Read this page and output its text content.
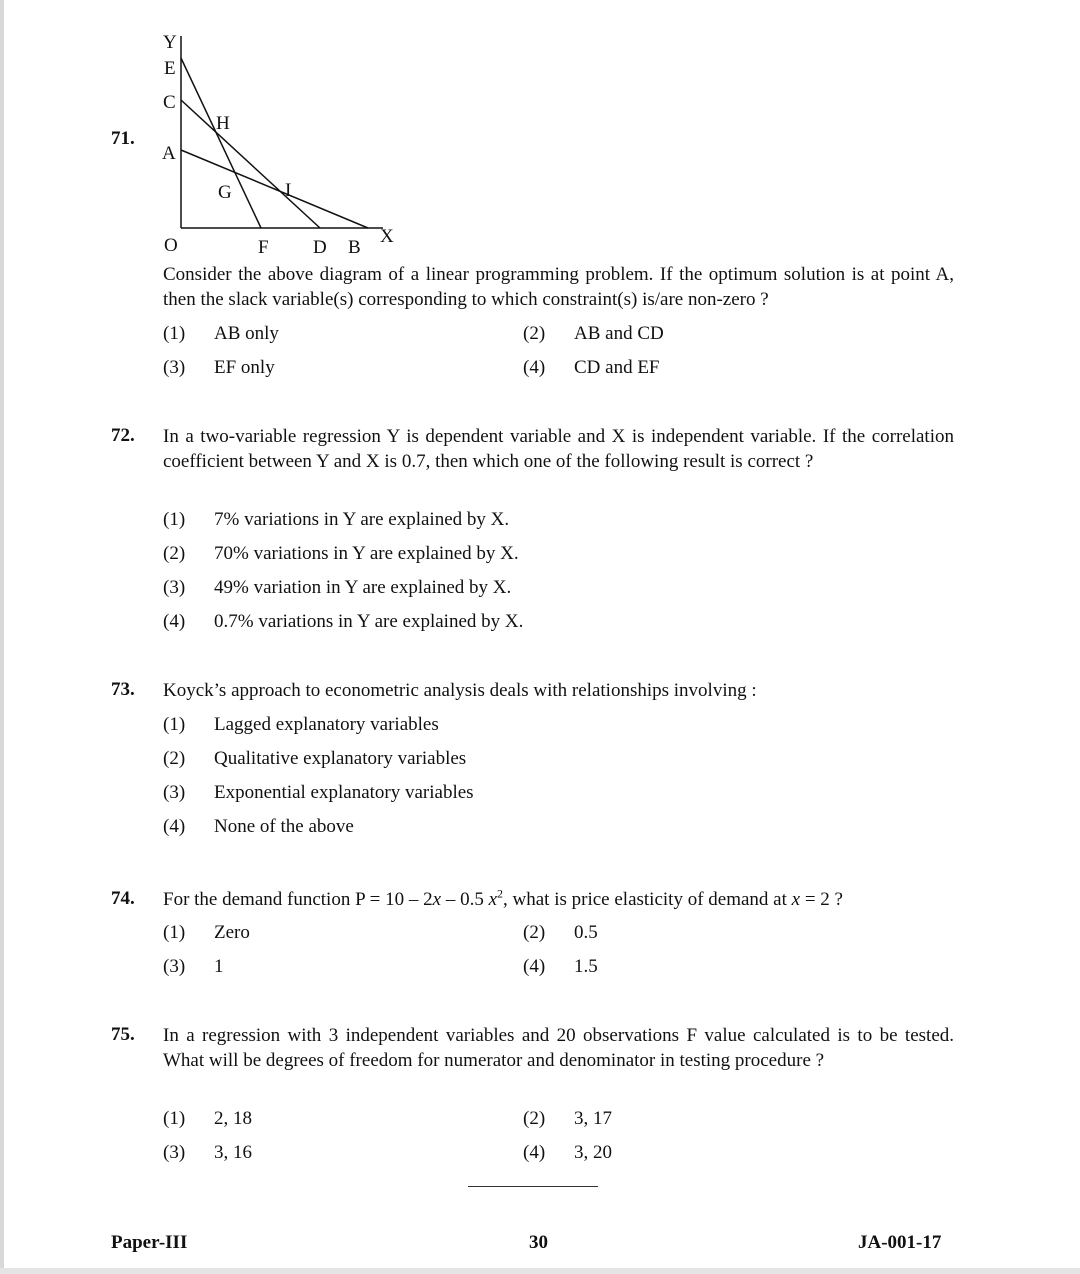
71.
Y
E
C
H
A
G	I
O	F D B
X
Consider the above diagram of a linear programming problem. If the optimum solution is at point A, then the slack variable(s) corresponding to which constraint(s) is/are non-zero ?
(1) AB only	(2) AB and CD
(3) EF only	(4) CD and EF
72. In a two-variable regression Y is dependent variable and X is independent variable. If the correlation coefficient between Y and X is 0.7, then which one of the following result is correct ?
(1) 7% variations in Y are explained by X.
(2) 70% variations in Y are explained by X.
(3) 49% variation in Y are explained by X.
(4) 0.7% variations in Y are explained by X.
73. Koyck’s approach to econometric analysis deals with relationships involving :
(1) Lagged explanatory variables
(2) Qualitative explanatory variables
(3) Exponential explanatory variables
(4) None of the above
74. For the demand function P = 10 – 2x – 0.5 $x^2$, what is price elasticity of demand at x = 2 ?
(1) Zero	(2) 0.5
(3) 1	(4) 1.5
75. In a regression with 3 independent variables and 20 observations F value calculated is to be tested. What will be degrees of freedom for numerator and denominator in testing procedure ?
(1) 2, 18	(2) 3, 17
(3) 3, 16	(4) 3, 20
Paper-III	30	JA-001-17
